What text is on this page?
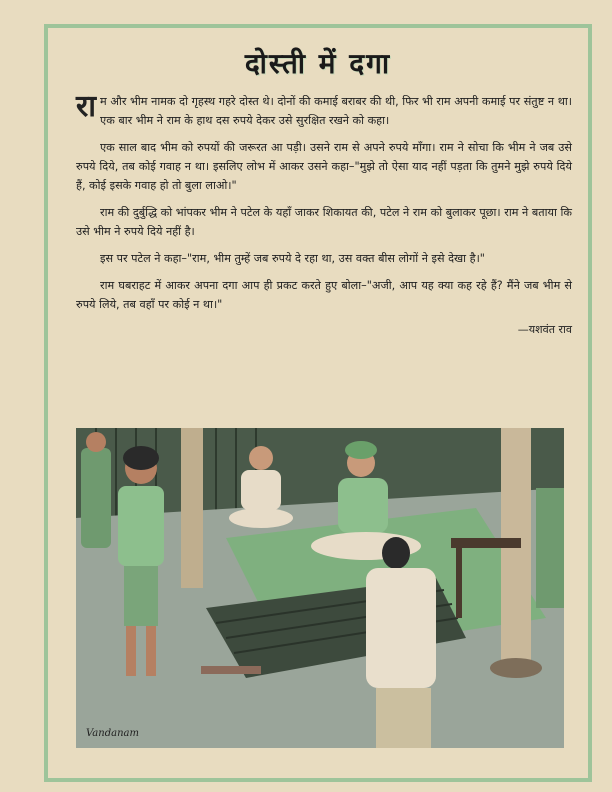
दोस्ती में दगा

राम और भीम नामक दो गृहस्थ गहरे दोस्त थे। दोनों की कमाई बराबर की थी, फिर भी राम अपनी कमाई पर संतुष्ट न था। एक बार भीम ने राम के हाथ दस रुपये देकर उसे सुरक्षित रखने को कहा।

एक साल बाद भीम को रुपयों की जरूरत आ पड़ी। उसने राम से अपने रुपये माँगा। राम ने सोचा कि भीम ने जब उसे रुपये दिये, तब कोई गवाह न था। इसलिए लोभ में आकर उसने कहा–"मुझे तो ऐसा याद नहीं पड़ता कि तुमने मुझे रुपये दिये हैं, कोई इसके गवाह हो तो बुला लाओ।"

राम की दुर्बुद्धि को भांपकर भीम ने पटेल के यहाँ जाकर शिकायत की, पटेल ने राम को बुलाकर पूछा। राम ने बताया कि उसे भीम ने रुपये दिये नहीं है।

इस पर पटेल ने कहा–"राम, भीम तुम्हें जब रुपये दे रहा था, उस वक्त बीस लोगों ने इसे देखा है।"

राम घबराहट में आकर अपना दगा आप ही प्रकट करते हुए बोला–"अजी, आप यह क्या कह रहे हैं? मैंने जब भीम से रुपये लिये, तब वहाँ पर कोई न था।"

—यशवंत राव
Vandanam
